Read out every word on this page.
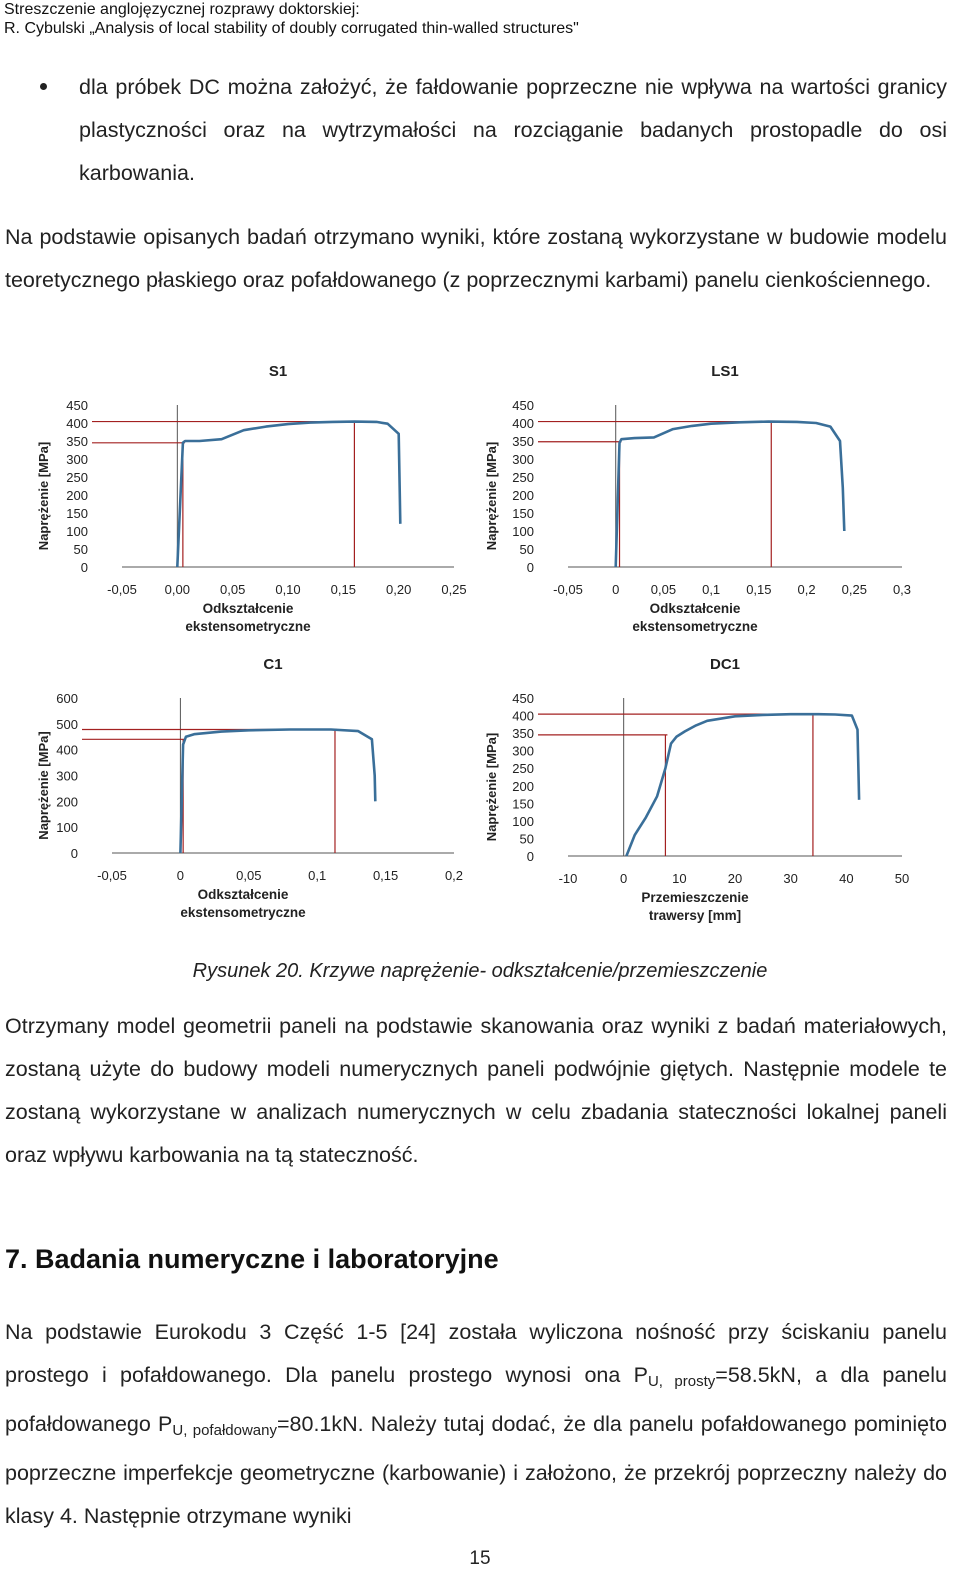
Streszczenie anglojęzycznej rozprawy doktorskiej:
R. Cybulski „Analysis of local stability of doubly corrugated thin-walled structures"
dla próbek DC można założyć, że fałdowanie poprzeczne nie wpływa na wartości granicy plastyczności oraz na wytrzymałości na rozciąganie badanych prostopadle do osi karbowania.

Na podstawie opisanych badań otrzymano wyniki, które zostaną wykorzystane w budowie modelu teoretycznego płaskiego oraz pofałdowanego (z poprzecznymi karbami) panelu cienkościennego.

S1
0
50
100
150
200
250
300
350
400
450
-0,05 0,00 0,05 0,10 0,15 0,20 0,25
Naprężenie [MPa]
Odkształcenie
ekstensometryczne
LS1
0
50
100
150
200
250
300
350
400
450
-0,05 0 0,05 0,1 0,15 0,2 0,25 0,3
Naprężenie [MPa]
Odkształcenie
ekstensometryczne
C1
0
100
200
300
400
500
600
-0,05	0	0,05	0,1	0,15	0,2
Naprężenie [MPa]
Odkształcenie
ekstensometryczne
DC1
0
50
100
150
200
250
300
350
400
450
-10	0	10	20	30	40	50
Naprężenie [MPa]
Przemieszczenie
trawersy [mm]
Rysunek 20. Krzywe naprężenie- odkształcenie/przemieszczenie

Otrzymany model geometrii paneli na podstawie skanowania oraz wyniki z badań materiałowych, zostaną użyte do budowy modeli numerycznych paneli podwójnie giętych. Następnie modele te zostaną wykorzystane w analizach numerycznych w celu zbadania stateczności lokalnej paneli oraz wpływu karbowania na tą stateczność.

7. Badania numeryczne i laboratoryjne

Na podstawie Eurokodu 3 Część 1-5 [24] została wyliczona nośność przy ściskaniu panelu prostego i pofałdowanego. Dla panelu prostego wynosi ona $P_{U, prosty}=58.5kN$, a dla panelu pofałdowanego $P_{U, pofałdowany}=80.1kN$. Należy tutaj dodać, że dla panelu pofałdowanego pominięto poprzeczne imperfekcje geometryczne (karbowanie) i założono, że przekrój poprzeczny należy do klasy 4. Następnie otrzymane wyniki

15
